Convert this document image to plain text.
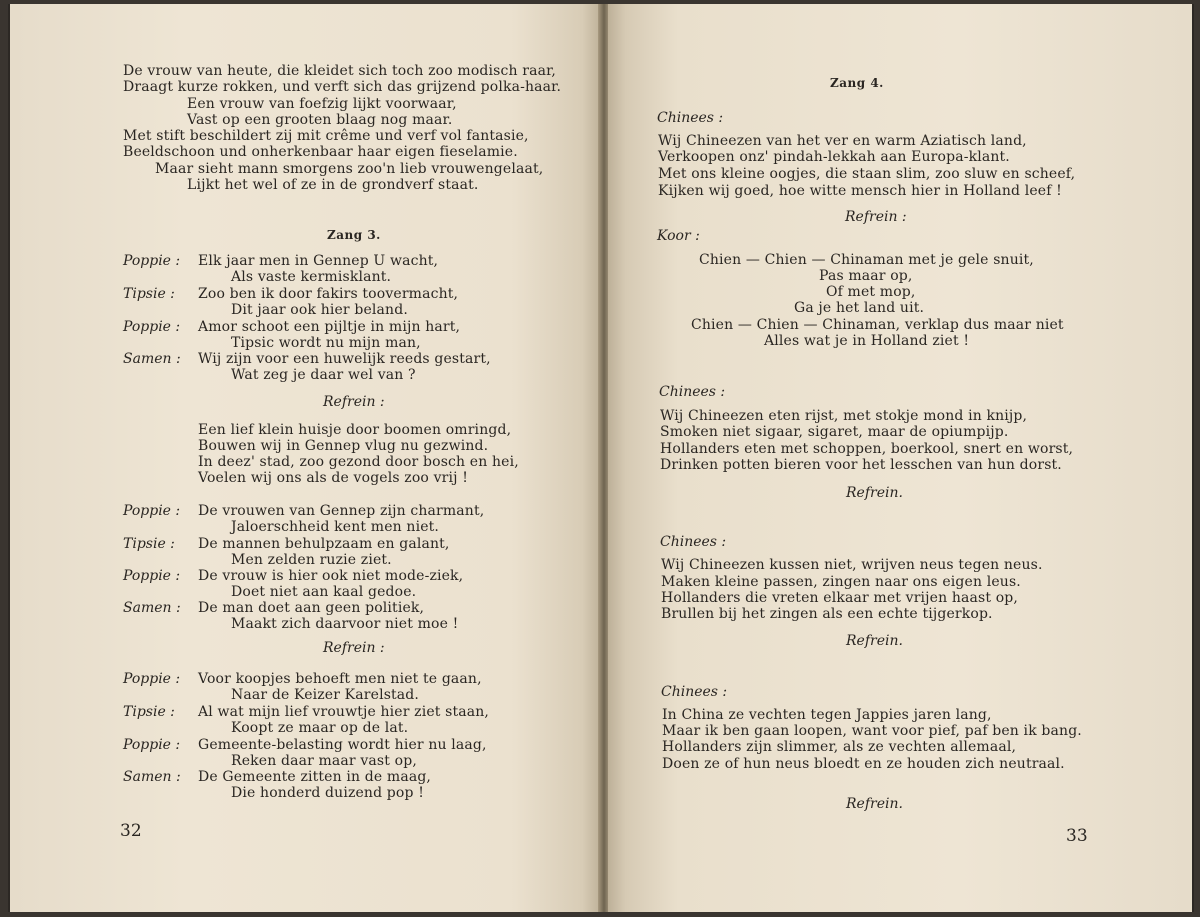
De vrouw van heute, die kleidet sich toch zoo modisch raar,
Draagt kurze rokken, und verft sich das grijzend polka-haar.
Een vrouw van foefzig lijkt voorwaar,
Vast op een grooten blaag nog maar.
Met stift beschildert zij mit crême und verf vol fantasie,
Beeldschoon und onherkenbaar haar eigen fieselamie.
Maar sieht mann smorgens zoo'n lieb vrouwengelaat,
Lijkt het wel of ze in de grondverf staat.
Zang 3.
Poppie : Elk jaar men in Gennep U wacht,
Als vaste kermisklant.
Tipsie : Zoo ben ik door fakirs toovermacht,
Dit jaar ook hier beland.
Poppie : Amor schoot een pijltje in mijn hart,
Tipsic wordt nu mijn man,
Samen : Wij zijn voor een huwelijk reeds gestart,
Wat zeg je daar wel van ?
Refrein :
Een lief klein huisje door boomen omringd,
Bouwen wij in Gennep vlug nu gezwind.
In deez' stad, zoo gezond door bosch en hei,
Voelen wij ons als de vogels zoo vrij !
Poppie : De vrouwen van Gennep zijn charmant,
Jaloerschheid kent men niet.
Tipsie : De mannen behulpzaam en galant,
Men zelden ruzie ziet.
Poppie : De vrouw is hier ook niet mode-ziek,
Doet niet aan kaal gedoe.
Samen : De man doet aan geen politiek,
Maakt zich daarvoor niet moe !
Refrein :
Poppie : Voor koopjes behoeft men niet te gaan,
Naar de Keizer Karelstad.
Tipsie : Al wat mijn lief vrouwtje hier ziet staan,
Koopt ze maar op de lat.
Poppie : Gemeente-belasting wordt hier nu laag,
Reken daar maar vast op,
Samen : De Gemeente zitten in de maag,
Die honderd duizend pop !
32
Zang 4.
Chinees :
Wij Chineezen van het ver en warm Aziatisch land,
Verkoopen onz' pindah-lekkah aan Europa-klant.
Met ons kleine oogjes, die staan slim, zoo sluw en scheef,
Kijken wij goed, hoe witte mensch hier in Holland leef !
Refrein :
Koor :
Chien — Chien — Chinaman met je gele snuit,
Pas maar op,
Of met mop,
Ga je het land uit.
Chien — Chien — Chinaman, verklap dus maar niet
Alles wat je in Holland ziet !
Chinees :
Wij Chineezen eten rijst, met stokje mond in knijp,
Smoken niet sigaar, sigaret, maar de opiumpijp.
Hollanders eten met schoppen, boerkool, snert en worst,
Drinken potten bieren voor het lesschen van hun dorst.
Refrein.
Chinees :
Wij Chineezen kussen niet, wrijven neus tegen neus.
Maken kleine passen, zingen naar ons eigen leus.
Hollanders die vreten elkaar met vrijen haast op,
Brullen bij het zingen als een echte tijgerkop.
Refrein.
Chinees :
In China ze vechten tegen Jappies jaren lang,
Maar ik ben gaan loopen, want voor pief, paf ben ik bang.
Hollanders zijn slimmer, als ze vechten allemaal,
Doen ze of hun neus bloedt en ze houden zich neutraal.
Refrein.
33
